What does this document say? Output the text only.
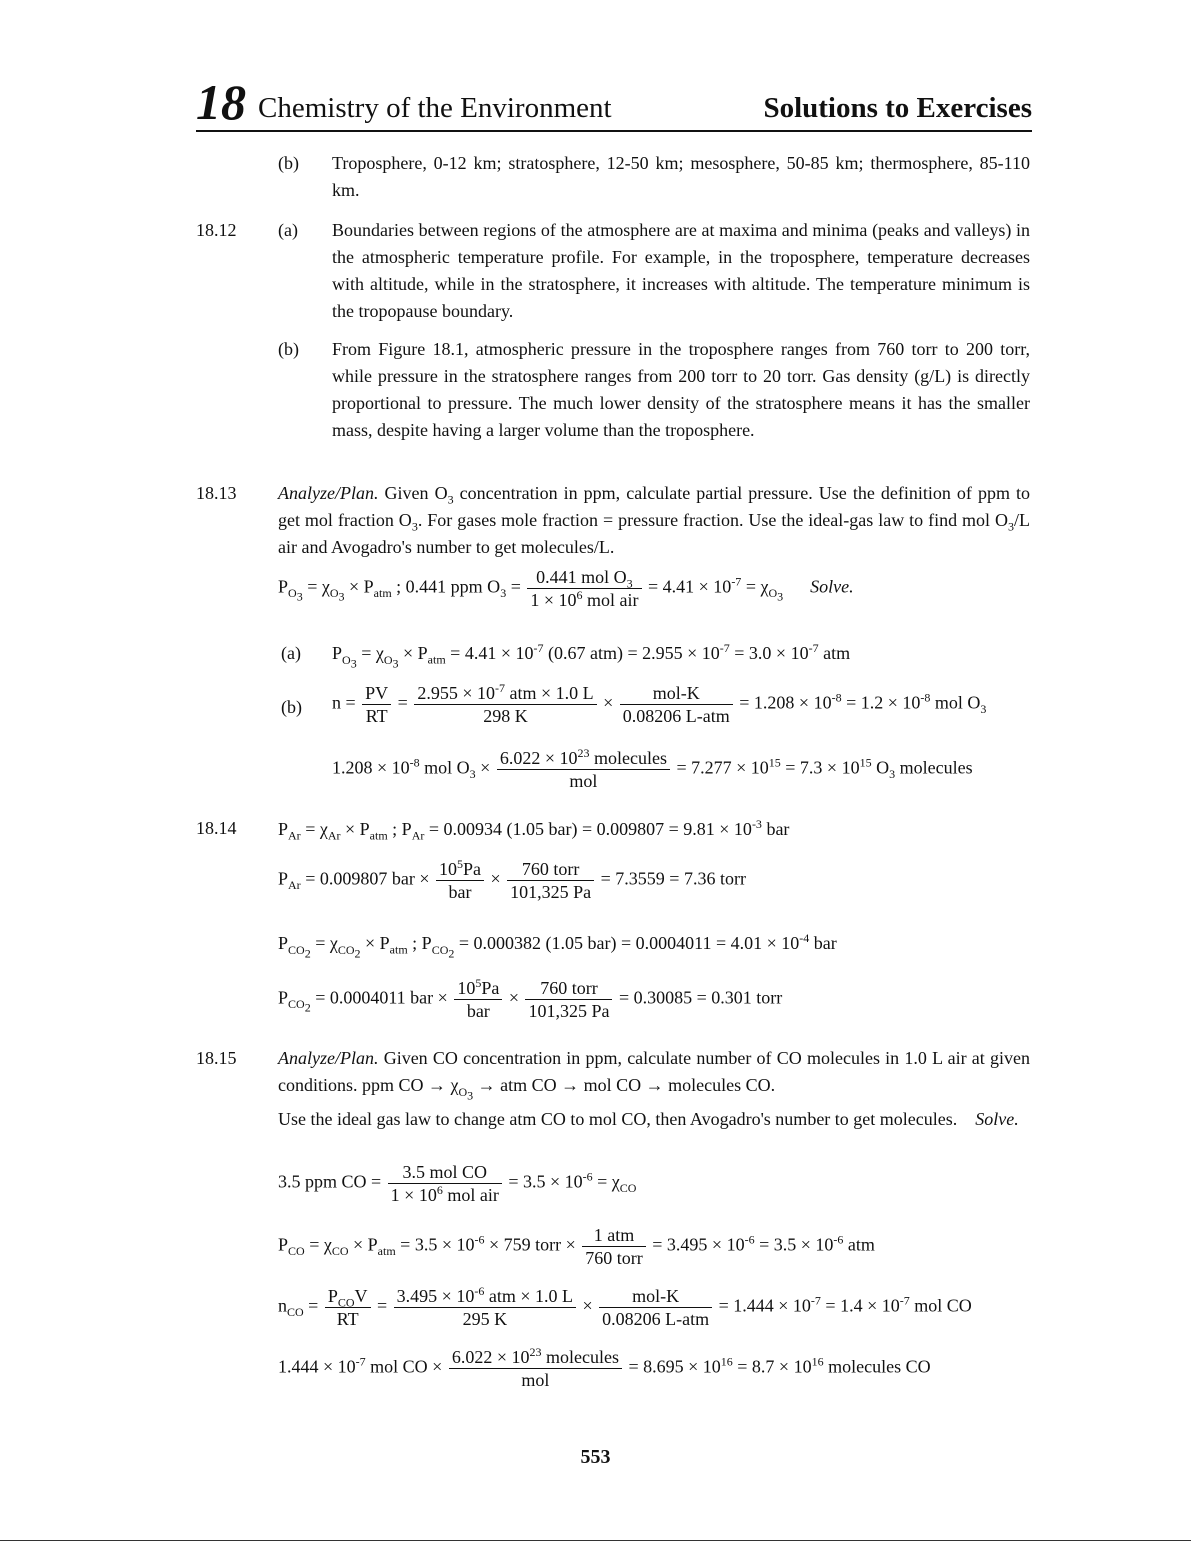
18 Chemistry of the Environment	Solutions to Exercises
(b) Troposphere, 0-12 km; stratosphere, 12-50 km; mesosphere, 50-85 km; thermosphere, 85-110 km.
18.12 (a) Boundaries between regions of the atmosphere are at maxima and minima (peaks and valleys) in the atmospheric temperature profile. For example, in the troposphere, temperature decreases with altitude, while in the stratosphere, it increases with altitude. The temperature minimum is the tropopause boundary.
(b) From Figure 18.1, atmospheric pressure in the troposphere ranges from 760 torr to 200 torr, while pressure in the stratosphere ranges from 200 torr to 20 torr. Gas density (g/L) is directly proportional to pressure. The much lower density of the stratosphere means it has the smaller mass, despite having a larger volume than the troposphere.
18.13 Analyze/Plan. Given $O_3$ concentration in ppm, calculate partial pressure. Use the definition of ppm to get mol fraction $O_3$. For gases mole fraction = pressure fraction. Use the ideal-gas law to find mol $O_3/L$ air and Avogadro's number to get molecules/L.
$P_{O_3} = \chi_{O_3} \times P_{atm}$ ; 0.441 ppm $O_3 = \frac{0.441 mol O_3}{1 \times 10^6 mol air} = 4.41 \times 10^{-7} = \chi_{O_3}$ Solve.
(a) $P_{O_3} = \chi_{O_3} \times P_{atm} = 4.41 \times 10^{-7}$ (0.67 $atm) = 2.955 \times 10^{-7} = 3.0 \times 10^{-7}$ atm
(b) $n = \frac{PV}{RT} = \frac{2.955 \times 10^{-7} atm \times 1.0 L}{298 K} \times \frac{\text{mol-K}}{\text{0.08206 L-atm}} = 1.208 \times 10^{-8} = 1.2 \times 10^{-8}$ mol $O_3$
$1.208 \times 10^{-8}$ mol $O_3 \times \frac{6.022 \times 10^{23} molecules}{\text{mol}} = 7.277 \times 10^{15} = 7.3 \times 10^{15}$ $O_3$ molecules
18.14 $P_{Ar} = \chi_{Ar} \times P_{atm}$ ; $P_{Ar} = 0.00934$ (1.05 $bar) = 0.009807 = 9.81 \times 10^{-3}$ bar
$P_{Ar} = 0.009807$ bar × $\frac{10^5Pa}{\text{bar}} \times \frac{\text{760 torr}}{101,325 Pa} = 7.3559 = 7.36$ torr
$P_{CO_2} = \chi_{CO_2} \times P_{atm}$ ; $P_{CO_2} = 0.000382$ (1.05 $bar) = 0.0004011 = 4.01 \times 10^{-4}$ bar
$P_{CO_2} = 0.0004011$ bar × $\frac{10^5Pa}{\text{bar}} \times \frac{\text{760 torr}}{101,325 Pa} = 0.30085 = 0.301$ torr
18.15 Analyze/Plan. Given CO concentration in ppm, calculate number of CO molecules in 1.0 L air at given conditions. ppm CO → $\chi_{O_3}$ → atm CO → mol CO → molecules CO.
Use the ideal gas law to change atm CO to mol CO, then Avogadro's number to get molecules. Solve.
3.5 ppm CO = $\frac{\text{3.5 mol CO}}{1 \times 10^6 mol air} = 3.5 \times 10^{-6} = \chi_{CO}$
$P_{CO} = \chi_{CO} \times P_{atm} = 3.5 \times 10^{-6} \times 759$ torr × $\frac{\text{1 atm}}{\text{760 torr}} = 3.495 \times 10^{-6} = 3.5 \times 10^{-6}$ atm
$n_{CO} = \frac{P_{CO}V}{RT} = \frac{3.495 \times 10^{-6} atm \times 1.0 L}{295 K} \times \frac{\text{mol-K}}{\text{0.08206 L-atm}} = 1.444 \times 10^{-7} = 1.4 \times 10^{-7}$ mol CO
$1.444 \times 10^{-7}$ mol CO × $\frac{6.022 \times 10^{23} molecules}{\text{mol}} = 8.695 \times 10^{16} = 8.7 \times 10^{16}$ molecules CO
553
